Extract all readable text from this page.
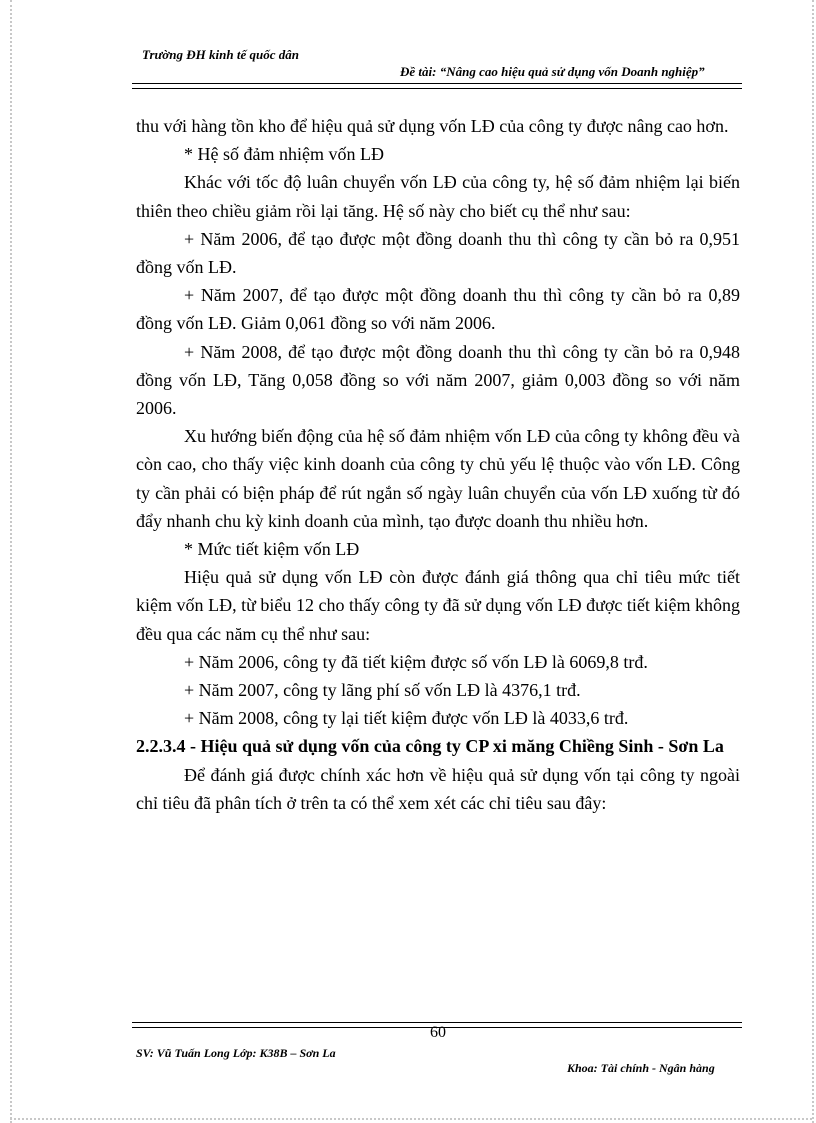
Trường ĐH kinh tế quốc dân
Đề tài: “Nâng cao hiệu quả sử dụng vốn Doanh nghiệp”

thu với hàng tồn kho để hiệu quả sử dụng vốn LĐ của công ty được nâng cao hơn.

* Hệ số đảm nhiệm vốn LĐ

Khác với tốc độ luân chuyển vốn LĐ của công ty, hệ số đảm nhiệm lại biến thiên theo chiều giảm rồi lại tăng. Hệ số này cho biết cụ thể như sau:

+ Năm 2006, để tạo được một đồng doanh thu thì công ty cần bỏ ra 0,951 đồng vốn LĐ.

+ Năm 2007, để tạo được một đồng doanh thu thì công ty cần bỏ ra 0,89 đồng vốn LĐ. Giảm 0,061 đồng so với năm 2006.

+ Năm 2008, để tạo được một đồng doanh thu thì công ty cần bỏ ra 0,948 đồng vốn LĐ, Tăng 0,058 đồng so với năm 2007, giảm 0,003 đồng so với năm 2006.

Xu hướng biến động của hệ số đảm nhiệm vốn LĐ của công ty không đều và còn cao, cho thấy việc kinh doanh của công ty chủ yếu lệ thuộc vào vốn LĐ. Công ty cần phải có biện pháp để rút ngắn số ngày luân chuyển của vốn LĐ xuống từ đó đẩy nhanh chu kỳ kinh doanh của mình, tạo được doanh thu nhiều hơn.

* Mức tiết kiệm vốn LĐ

Hiệu quả sử dụng vốn LĐ còn được đánh giá thông qua chỉ tiêu mức tiết kiệm vốn LĐ, từ biểu 12 cho thấy công ty đã sử dụng vốn LĐ được tiết kiệm không đều qua các năm cụ thể như sau:

+ Năm 2006, công ty đã tiết kiệm được số vốn LĐ là 6069,8 trđ.

+ Năm 2007, công ty lãng phí số vốn LĐ là 4376,1 trđ.

+ Năm 2008, công ty lại tiết kiệm được vốn LĐ là 4033,6 trđ.

2.2.3.4 - Hiệu quả sử dụng vốn của công ty CP xi măng Chiềng Sinh - Sơn La

Để đánh giá được chính xác hơn về hiệu quả sử dụng vốn tại công ty ngoài chỉ tiêu đã phân tích ở trên ta có thể xem xét các chỉ tiêu sau đây:

60
SV: Vũ Tuấn Long Lớp: K38B – Sơn La
Khoa: Tài chính - Ngân hàng
